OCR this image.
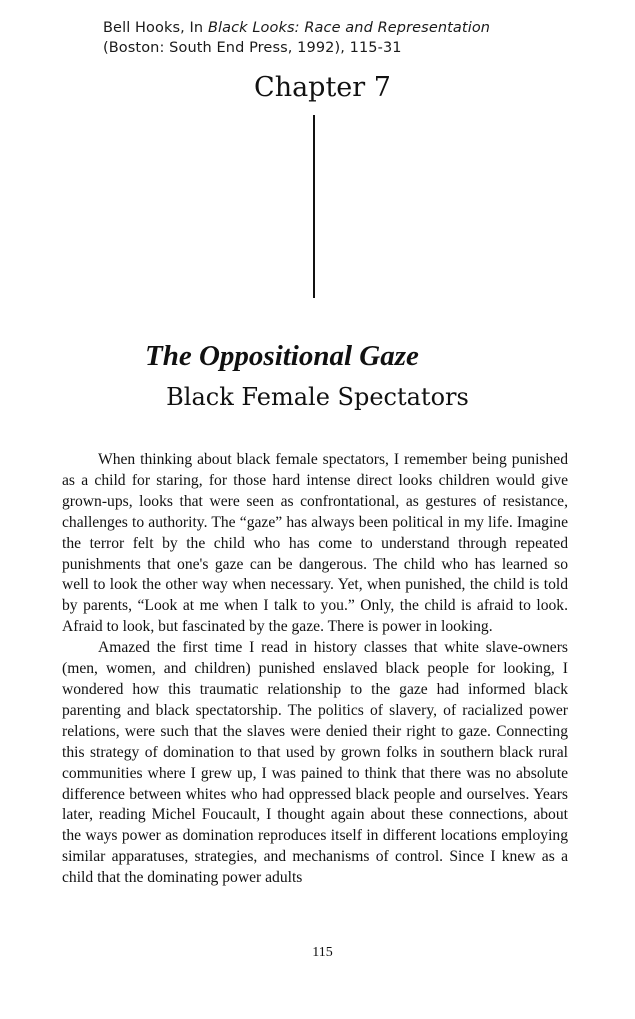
Bell Hooks, In Black Looks: Race and Representation
(Boston: South End Press, 1992), 115-31
Chapter 7
The Oppositional Gaze
Black Female Spectators

When thinking about black female spectators, I remember being punished as a child for staring, for those hard intense direct looks children would give grown-ups, looks that were seen as confrontational, as gestures of resistance, challenges to authority. The “gaze” has always been political in my life. Imagine the terror felt by the child who has come to understand through repeated punishments that one's gaze can be dangerous. The child who has learned so well to look the other way when necessary. Yet, when punished, the child is told by parents, “Look at me when I talk to you.” Only, the child is afraid to look. Afraid to look, but fascinated by the gaze. There is power in looking.

Amazed the first time I read in history classes that white slave-owners (men, women, and children) punished enslaved black people for looking, I wondered how this traumatic relationship to the gaze had informed black parenting and black spectatorship. The politics of slavery, of racialized power relations, were such that the slaves were denied their right to gaze. Connecting this strategy of domination to that used by grown folks in southern black rural communities where I grew up, I was pained to think that there was no absolute difference between whites who had oppressed black people and ourselves. Years later, reading Michel Foucault, I thought again about these connections, about the ways power as domination reproduces itself in different locations employing similar apparatuses, strategies, and mechanisms of control. Since I knew as a child that the dominating power adults

115
